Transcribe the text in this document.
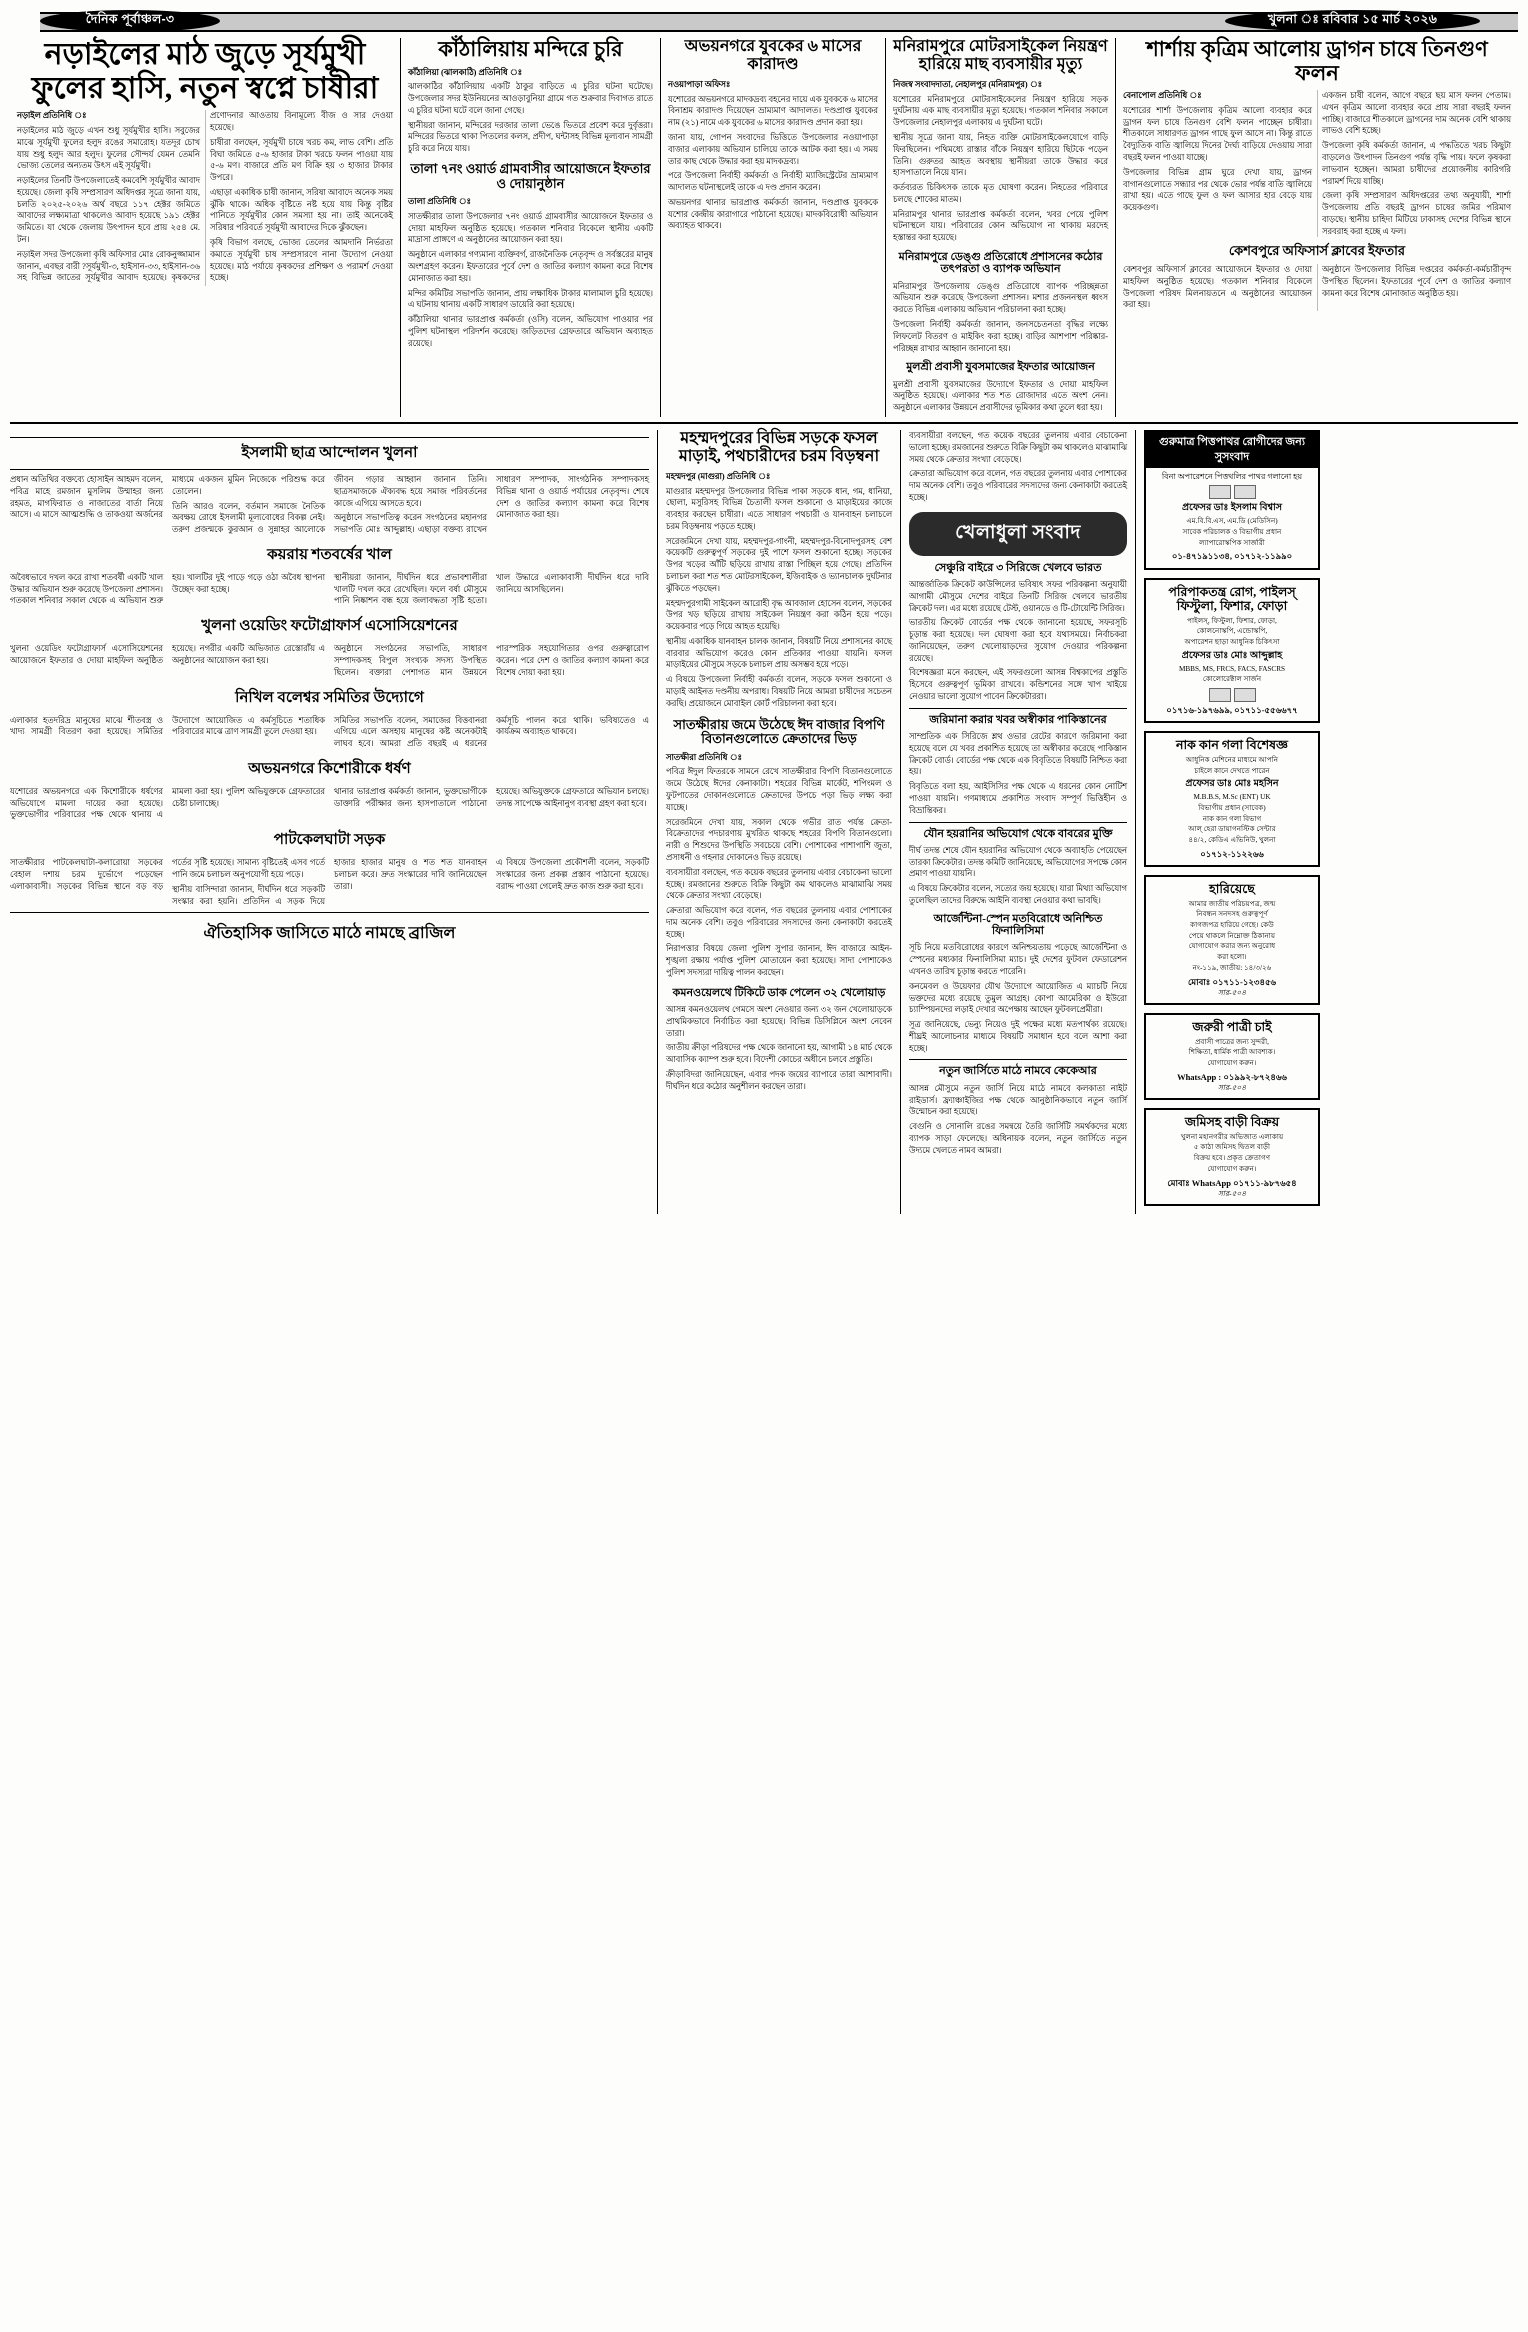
দৈনিক পূর্বাঞ্চল-৩	খুলনা ঃ রবিবার ১৫ মার্চ ২০২৬
নড়াইলের মাঠ জুড়ে সূর্যমুখী ফুলের হাসি, নতুন স্বপ্নে চাষীরা

নড়াইল প্রতিনিধি ঃ

নড়াইলের মাঠ জুড়ে এখন শুধু সূর্যমুখীর হাসি। সবুজের মাঝে সূর্যমুখী ফুলের হলুদ রঙের সমারোহ। যতদূর চোখ যায় শুধু হলুদ আর হলুদ। ফুলের সৌন্দর্য যেমন তেমনি ভোজ্য তেলের অন্যতম উৎস এই সূর্যমুখী।

নড়াইলের তিনটি উপজেলাতেই কমবেশি সূর্যমুখীর আবাদ হয়েছে। জেলা কৃষি সম্প্রসারণ অধিদপ্তর সূত্রে জানা যায়, চলতি ২০২৫-২০২৬ অর্থ বছরে ১১৭ হেক্টর জমিতে আবাদের লক্ষ্যমাত্রা থাকলেও আবাদ হয়েছে ১৯১ হেক্টর জমিতে। যা থেকে জেলায় উৎপাদন হবে প্রায় ২৫৪ মে. টন।

নড়াইল সদর উপজেলা কৃষি অফিসার মোঃ রোকনুজ্জামান জানান, এবছর বারী ?সূর্যমুখী-৩, হাইসান-৩৩, হাইসান-৩৬ সহ বিভিন্ন জাতের সূর্যমুখীর আবাদ হয়েছে। কৃষকদের প্রণোদনার আওতায় বিনামূল্যে বীজ ও সার দেওয়া হয়েছে।

চাষীরা বলছেন, সূর্যমুখী চাষে খরচ কম, লাভ বেশি। প্রতি বিঘা জমিতে ৫-৬ হাজার টাকা খরচে ফলন পাওয়া যায় ৫-৬ মণ। বাজারে প্রতি মণ বিক্রি হয় ৩ হাজার টাকার উপরে।

এছাড়া একাধিক চাষী জানান, সরিষা আবাদে অনেক সময় ঝুঁকি থাকে। অধিক বৃষ্টিতে নষ্ট হয়ে যায় কিন্তু বৃষ্টির পানিতে সূর্যমুখীর কোন সমস্যা হয় না। তাই অনেকেই সরিষার পরিবর্তে সূর্যমুখী আবাদের দিকে ঝুঁকছেন।

কৃষি বিভাগ বলছে, ভোজ্য তেলের আমদানি নির্ভরতা কমাতে সূর্যমুখী চাষ সম্প্রসারণে নানা উদ্যোগ নেওয়া হয়েছে। মাঠ পর্যায়ে কৃষকদের প্রশিক্ষণ ও পরামর্শ দেওয়া হচ্ছে।

কাঁঠালিয়ায় মন্দিরে চুরি

কাঁঠালিয়া (ঝালকাঠি) প্রতিনিধি ঃ

ঝালকাঠির কাঁঠালিয়ায় একটি ঠাকুর বাড়িতে এ চুরির ঘটনা ঘটেছে। উপজেলার সদর ইউনিয়নের আওড়াবুনিয়া গ্রামে গত শুক্রবার দিবাগত রাতে এ চুরির ঘটনা ঘটে বলে জানা গেছে।

স্থানীয়রা জানান, মন্দিরের দরজার তালা ভেঙে ভিতরে প্রবেশ করে দুর্বৃত্তরা। মন্দিরের ভিতরে থাকা পিতলের কলস, প্রদীপ, ঘন্টাসহ বিভিন্ন মূল্যবান সামগ্রী চুরি করে নিয়ে যায়।

তালা ৭নং ওয়ার্ড গ্রামবাসীর আয়োজনে ইফতার ও দোয়ানুষ্ঠান

তালা প্রতিনিধি ঃ

সাতক্ষীরার তালা উপজেলার ৭নং ওয়ার্ড গ্রামবাসীর আয়োজনে ইফতার ও দোয়া মাহফিল অনুষ্ঠিত হয়েছে। গতকাল শনিবার বিকেলে স্থানীয় একটি মাদ্রাসা প্রাঙ্গণে এ অনুষ্ঠানের আয়োজন করা হয়।

অনুষ্ঠানে এলাকার গণ্যমান্য ব্যক্তিবর্গ, রাজনৈতিক নেতৃবৃন্দ ও সর্বস্তরের মানুষ অংশগ্রহণ করেন। ইফতারের পূর্বে দেশ ও জাতির কল্যাণ কামনা করে বিশেষ মোনাজাত করা হয়।

মন্দির কমিটির সভাপতি জানান, প্রায় লক্ষাধিক টাকার মালামাল চুরি হয়েছে। এ ঘটনায় থানায় একটি সাধারণ ডায়েরি করা হয়েছে।

কাঁঠালিয়া থানার ভারপ্রাপ্ত কর্মকর্তা (ওসি) বলেন, অভিযোগ পাওয়ার পর পুলিশ ঘটনাস্থল পরিদর্শন করেছে। জড়িতদের গ্রেফতারে অভিযান অব্যাহত রয়েছে।

অভয়নগরে যুবকের ৬ মাসের কারাদণ্ড

নওয়াপাড়া অফিসঃ

যশোরের অভয়নগরে মাদকদ্রব্য বহনের দায়ে এক যুবককে ৬ মাসের বিনাশ্রম কারাদণ্ড দিয়েছেন ভ্রাম্যমাণ আদালত। দণ্ডপ্রাপ্ত যুবকের নাম (২১) নামে এক যুবকের ৬ মাসের কারাদণ্ড প্রদান করা হয়।

জানা যায়, গোপন সংবাদের ভিত্তিতে উপজেলার নওয়াপাড়া বাজার এলাকায় অভিযান চালিয়ে তাকে আটক করা হয়। এ সময় তার কাছ থেকে উদ্ধার করা হয় মাদকদ্রব্য।

পরে উপজেলা নির্বাহী কর্মকর্তা ও নির্বাহী ম্যাজিস্ট্রেটের ভ্রাম্যমাণ আদালত ঘটনাস্থলেই তাকে এ দণ্ড প্রদান করেন।

অভয়নগর থানার ভারপ্রাপ্ত কর্মকর্তা জানান, দণ্ডপ্রাপ্ত যুবককে যশোর কেন্দ্রীয় কারাগারে পাঠানো হয়েছে। মাদকবিরোধী অভিযান অব্যাহত থাকবে।

মনিরামপুরে মোটরসাইকেল নিয়ন্ত্রণ হারিয়ে মাছ ব্যবসায়ীর মৃত্যু

নিজস্ব সংবাদদাতা, নেহালপুর (মনিরামপুর) ঃ

যশোরের মনিরামপুরে মোটরসাইকেলের নিয়ন্ত্রণ হারিয়ে সড়ক দুর্ঘটনায় এক মাছ ব্যবসায়ীর মৃত্যু হয়েছে। গতকাল শনিবার সকালে উপজেলার নেহালপুর এলাকায় এ দুর্ঘটনা ঘটে।

স্থানীয় সূত্রে জানা যায়, নিহত ব্যক্তি মোটরসাইকেলযোগে বাড়ি ফিরছিলেন। পথিমধ্যে রাস্তার বাঁকে নিয়ন্ত্রণ হারিয়ে ছিটকে পড়েন তিনি। গুরুতর আহত অবস্থায় স্থানীয়রা তাকে উদ্ধার করে হাসপাতালে নিয়ে যান।

কর্তব্যরত চিকিৎসক তাকে মৃত ঘোষণা করেন। নিহতের পরিবারে চলছে শোকের মাতম।

মনিরামপুর থানার ভারপ্রাপ্ত কর্মকর্তা বলেন, খবর পেয়ে পুলিশ ঘটনাস্থলে যায়। পরিবারের কোন অভিযোগ না থাকায় মরদেহ হস্তান্তর করা হয়েছে।

মনিরামপুরে ডেঙ্গু প্রতিরোধে প্রশাসনের কঠোর তৎপরতা ও ব্যাপক অভিযান

মনিরামপুর উপজেলায় ডেঙ্গু প্রতিরোধে ব্যাপক পরিচ্ছন্নতা অভিযান শুরু করেছে উপজেলা প্রশাসন। মশার প্রজননস্থল ধ্বংস করতে বিভিন্ন এলাকায় অভিযান পরিচালনা করা হচ্ছে।

উপজেলা নির্বাহী কর্মকর্তা জানান, জনসচেতনতা বৃদ্ধির লক্ষ্যে লিফলেট বিতরণ ও মাইকিং করা হচ্ছে। বাড়ির আশপাশ পরিষ্কার-পরিচ্ছন্ন রাখার আহ্বান জানানো হয়।

মুলশ্রী প্রবাসী যুবসমাজের ইফতার আয়োজন

মুলশ্রী প্রবাসী যুবসমাজের উদ্যোগে ইফতার ও দোয়া মাহফিল অনুষ্ঠিত হয়েছে। এলাকার শত শত রোজাদার এতে অংশ নেন। অনুষ্ঠানে এলাকার উন্নয়নে প্রবাসীদের ভূমিকার কথা তুলে ধরা হয়।

শার্শায় কৃত্রিম আলোয় ড্রাগন চাষে তিনগুণ ফলন

বেনাপোল প্রতিনিধি ঃ

যশোরের শার্শা উপজেলায় কৃত্রিম আলো ব্যবহার করে ড্রাগন ফল চাষে তিনগুণ বেশি ফলন পাচ্ছেন চাষীরা। শীতকালে সাধারণত ড্রাগন গাছে ফুল আসে না। কিন্তু রাতে বৈদ্যুতিক বাতি জ্বালিয়ে দিনের দৈর্ঘ্য বাড়িয়ে দেওয়ায় সারা বছরই ফলন পাওয়া যাচ্ছে।

উপজেলার বিভিন্ন গ্রাম ঘুরে দেখা যায়, ড্রাগন বাগানগুলোতে সন্ধ্যার পর থেকে ভোর পর্যন্ত বাতি জ্বালিয়ে রাখা হয়। এতে গাছে ফুল ও ফল আসার হার বেড়ে যায় কয়েকগুণ।

একজন চাষী বলেন, আগে বছরে ছয় মাস ফলন পেতাম। এখন কৃত্রিম আলো ব্যবহার করে প্রায় সারা বছরই ফলন পাচ্ছি। বাজারে শীতকালে ড্রাগনের দাম অনেক বেশি থাকায় লাভও বেশি হচ্ছে।

উপজেলা কৃষি কর্মকর্তা জানান, এ পদ্ধতিতে খরচ কিছুটা বাড়লেও উৎপাদন তিনগুণ পর্যন্ত বৃদ্ধি পায়। ফলে কৃষকরা লাভবান হচ্ছেন। আমরা চাষীদের প্রয়োজনীয় কারিগরি পরামর্শ দিয়ে যাচ্ছি।

জেলা কৃষি সম্প্রসারণ অধিদপ্তরের তথ্য অনুযায়ী, শার্শা উপজেলায় প্রতি বছরই ড্রাগন চাষের জমির পরিমাণ বাড়ছে। স্থানীয় চাহিদা মিটিয়ে ঢাকাসহ দেশের বিভিন্ন স্থানে সরবরাহ করা হচ্ছে এ ফল।

কেশবপুরে অফিসার্স ক্লাবের ইফতার

কেশবপুর অফিসার্স ক্লাবের আয়োজনে ইফতার ও দোয়া মাহফিল অনুষ্ঠিত হয়েছে। গতকাল শনিবার বিকেলে উপজেলা পরিষদ মিলনায়তনে এ অনুষ্ঠানের আয়োজন করা হয়।

অনুষ্ঠানে উপজেলার বিভিন্ন দপ্তরের কর্মকর্তা-কর্মচারীবৃন্দ উপস্থিত ছিলেন। ইফতারের পূর্বে দেশ ও জাতির কল্যাণ কামনা করে বিশেষ মোনাজাত অনুষ্ঠিত হয়।

ইসলামী ছাত্র আন্দোলন খুলনা

প্রধান অতিথির বক্তব্যে হোসাইন আহমদ বলেন, পবিত্র মাহে রমজান মুসলিম উম্মাহর জন্য রহমত, মাগফিরাত ও নাজাতের বার্তা নিয়ে আসে। এ মাসে আত্মশুদ্ধি ও তাকওয়া অর্জনের মাধ্যমে একজন মুমিন নিজেকে পরিশুদ্ধ করে তোলেন।

তিনি আরও বলেন, বর্তমান সমাজে নৈতিক অবক্ষয় রোধে ইসলামী মূল্যবোধের বিকল্প নেই। তরুণ প্রজন্মকে কুরআন ও সুন্নাহর আলোকে জীবন গড়ার আহ্বান জানান তিনি। ছাত্রসমাজকে ঐক্যবদ্ধ হয়ে সমাজ পরিবর্তনের কাজে এগিয়ে আসতে হবে।

অনুষ্ঠানে সভাপতিত্ব করেন সংগঠনের মহানগর সভাপতি মোঃ আব্দুল্লাহ। এছাড়া বক্তব্য রাখেন সাধারণ সম্পাদক, সাংগঠনিক সম্পাদকসহ বিভিন্ন থানা ও ওয়ার্ড পর্যায়ের নেতৃবৃন্দ। শেষে দেশ ও জাতির কল্যাণ কামনা করে বিশেষ মোনাজাত করা হয়।

কয়রায় শতবর্ষের খাল

অবৈধভাবে দখল করে রাখা শতবর্ষী একটি খাল উদ্ধার অভিযান শুরু করেছে উপজেলা প্রশাসন। গতকাল শনিবার সকাল থেকে এ অভিযান শুরু হয়। খালটির দুই পাড়ে গড়ে ওঠা অবৈধ স্থাপনা উচ্ছেদ করা হচ্ছে।

স্থানীয়রা জানান, দীর্ঘদিন ধরে প্রভাবশালীরা খালটি দখল করে রেখেছিল। ফলে বর্ষা মৌসুমে পানি নিষ্কাশন বন্ধ হয়ে জলাবদ্ধতা সৃষ্টি হতো। খাল উদ্ধারে এলাকাবাসী দীর্ঘদিন ধরে দাবি জানিয়ে আসছিলেন।

খুলনা ওয়েডিং ফটোগ্রাফার্স এসোসিয়েশনের

খুলনা ওয়েডিং ফটোগ্রাফার্স এসোসিয়েশনের আয়োজনে ইফতার ও দোয়া মাহফিল অনুষ্ঠিত হয়েছে। নগরীর একটি অভিজাত রেস্তোরাঁয় এ অনুষ্ঠানের আয়োজন করা হয়।

অনুষ্ঠানে সংগঠনের সভাপতি, সাধারণ সম্পাদকসহ বিপুল সংখ্যক সদস্য উপস্থিত ছিলেন। বক্তারা পেশাগত মান উন্নয়নে পারস্পরিক সহযোগিতার ওপর গুরুত্বারোপ করেন। পরে দেশ ও জাতির কল্যাণ কামনা করে বিশেষ দোয়া করা হয়।

নিখিল বলেশ্বর সমিতির উদ্যোগে

এলাকার হতদরিদ্র মানুষের মাঝে শীতবস্ত্র ও খাদ্য সামগ্রী বিতরণ করা হয়েছে। সমিতির উদ্যোগে আয়োজিত এ কর্মসূচিতে শতাধিক পরিবারের মাঝে ত্রাণ সামগ্রী তুলে দেওয়া হয়।

সমিতির সভাপতি বলেন, সমাজের বিত্তবানরা এগিয়ে এলে অসহায় মানুষের কষ্ট অনেকটাই লাঘব হবে। আমরা প্রতি বছরই এ ধরনের কর্মসূচি পালন করে থাকি। ভবিষ্যতেও এ কার্যক্রম অব্যাহত থাকবে।

অভয়নগরে কিশোরীকে ধর্ষণ

যশোরের অভয়নগরে এক কিশোরীকে ধর্ষণের অভিযোগে মামলা দায়ের করা হয়েছে। ভুক্তভোগীর পরিবারের পক্ষ থেকে থানায় এ মামলা করা হয়। পুলিশ অভিযুক্তকে গ্রেফতারের চেষ্টা চালাচ্ছে।

থানার ভারপ্রাপ্ত কর্মকর্তা জানান, ভুক্তভোগীকে ডাক্তারি পরীক্ষার জন্য হাসপাতালে পাঠানো হয়েছে। অভিযুক্তকে গ্রেফতারে অভিযান চলছে। তদন্ত সাপেক্ষে আইনানুগ ব্যবস্থা গ্রহণ করা হবে।

পাটকেলঘাটা সড়ক

সাতক্ষীরার পাটকেলঘাটা-কলারোয়া সড়কের বেহাল দশায় চরম দুর্ভোগে পড়েছেন এলাকাবাসী। সড়কের বিভিন্ন স্থানে বড় বড় গর্তের সৃষ্টি হয়েছে। সামান্য বৃষ্টিতেই এসব গর্তে পানি জমে চলাচল অনুপযোগী হয়ে পড়ে।

স্থানীয় বাসিন্দারা জানান, দীর্ঘদিন ধরে সড়কটি সংস্কার করা হয়নি। প্রতিদিন এ সড়ক দিয়ে হাজার হাজার মানুষ ও শত শত যানবাহন চলাচল করে। দ্রুত সংস্কারের দাবি জানিয়েছেন তারা।

এ বিষয়ে উপজেলা প্রকৌশলী বলেন, সড়কটি সংস্কারের জন্য প্রকল্প প্রস্তাব পাঠানো হয়েছে। বরাদ্দ পাওয়া গেলেই দ্রুত কাজ শুরু করা হবে।

ঐতিহাসিক জাসিতে মাঠে নামছে ব্রাজিল
মহম্মদপুরের বিভিন্ন সড়কে ফসল মাড়াই, পথচারীদের চরম বিড়ম্বনা

মহম্মদপুর (মাগুরা) প্রতিনিধি ঃ

মাগুরার মহম্মদপুর উপজেলার বিভিন্ন পাকা সড়কে ধান, গম, ধানিয়া, ছোলা, মসুরিসহ বিভিন্ন চৈতালী ফসল শুকানো ও মাড়াইয়ের কাজে ব্যবহার করছেন চাষীরা। এতে সাধারণ পথচারী ও যানবাহন চলাচলে চরম বিড়ম্বনায় পড়তে হচ্ছে।

সরেজমিনে দেখা যায়, মহম্মদপুর-গাংনী, মহম্মদপুর-বিনোদপুরসহ বেশ কয়েকটি গুরুত্বপূর্ণ সড়কের দুই পাশে ফসল শুকানো হচ্ছে। সড়কের উপর খড়ের আঁটি ছড়িয়ে রাখায় রাস্তা পিচ্ছিল হয়ে গেছে। প্রতিদিন চলাচল করা শত শত মোটরসাইকেল, ইজিবাইক ও ভ্যানচালক দুর্ঘটনার ঝুঁকিতে পড়ছেন।

মহম্মদপুরগামী সাইকেল আরোহী বৃদ্ধ আবজাল হোসেন বলেন, সড়কের উপর খড় ছড়িয়ে রাখায় সাইকেল নিয়ন্ত্রণ করা কঠিন হয়ে পড়ে। কয়েকবার পড়ে গিয়ে আহত হয়েছি।

স্থানীয় একাধিক যানবাহন চালক জানান, বিষয়টি নিয়ে প্রশাসনের কাছে বারবার অভিযোগ করেও কোন প্রতিকার পাওয়া যায়নি। ফসল মাড়াইয়ের মৌসুমে সড়কে চলাচল প্রায় অসম্ভব হয়ে পড়ে।

এ বিষয়ে উপজেলা নির্বাহী কর্মকর্তা বলেন, সড়কে ফসল শুকানো ও মাড়াই আইনত দণ্ডনীয় অপরাধ। বিষয়টি নিয়ে আমরা চাষীদের সচেতন করছি। প্রয়োজনে মোবাইল কোর্ট পরিচালনা করা হবে।

সাতক্ষীরায় জমে উঠেছে ঈদ বাজার বিপণি বিতানগুলোতে ক্রেতাদের ভিড়

সাতক্ষীরা প্রতিনিধি ঃ

পবিত্র ঈদুল ফিতরকে সামনে রেখে সাতক্ষীরার বিপণি বিতানগুলোতে জমে উঠেছে ঈদের কেনাকাটা। শহরের বিভিন্ন মার্কেট, শপিংমল ও ফুটপাতের দোকানগুলোতে ক্রেতাদের উপচে পড়া ভিড় লক্ষ্য করা যাচ্ছে।

সরেজমিনে দেখা যায়, সকাল থেকে গভীর রাত পর্যন্ত ক্রেতা-বিক্রেতাদের পদচারণায় মুখরিত থাকছে শহরের বিপণি বিতানগুলো। নারী ও শিশুদের উপস্থিতি সবচেয়ে বেশি। পোশাকের পাশাপাশি জুতা, প্রসাধনী ও গহনার দোকানেও ভিড় রয়েছে।

ব্যবসায়ীরা বলছেন, গত কয়েক বছরের তুলনায় এবার বেচাকেনা ভালো হচ্ছে। রমজানের শুরুতে বিক্রি কিছুটা কম থাকলেও মাঝামাঝি সময় থেকে ক্রেতার সংখ্যা বেড়েছে।

ক্রেতারা অভিযোগ করে বলেন, গত বছরের তুলনায় এবার পোশাকের দাম অনেক বেশি। তবুও পরিবারের সদস্যদের জন্য কেনাকাটা করতেই হচ্ছে।

নিরাপত্তার বিষয়ে জেলা পুলিশ সুপার জানান, ঈদ বাজারে আইন-শৃঙ্খলা রক্ষায় পর্যাপ্ত পুলিশ মোতায়েন করা হয়েছে। সাদা পোশাকেও পুলিশ সদস্যরা দায়িত্ব পালন করছেন।

কমনওয়েলথে টিকিটে ডাক পেলেন ৩২ খেলোয়াড়

আসন্ন কমনওয়েলথ গেমসে অংশ নেওয়ার জন্য ৩২ জন খেলোয়াড়কে প্রাথমিকভাবে নির্বাচিত করা হয়েছে। বিভিন্ন ডিসিপ্লিনে অংশ নেবেন তারা।

জাতীয় ক্রীড়া পরিষদের পক্ষ থেকে জানানো হয়, আগামী ১৪ মার্চ থেকে আবাসিক ক্যাম্প শুরু হবে। বিদেশী কোচের অধীনে চলবে প্রস্তুতি।

ক্রীড়াবিদরা জানিয়েছেন, এবার পদক জয়ের ব্যাপারে তারা আশাবাদী। দীর্ঘদিন ধরে কঠোর অনুশীলন করছেন তারা।

ব্যবসায়ীরা বলছেন, গত কয়েক বছরের তুলনায় এবার বেচাকেনা ভালো হচ্ছে। রমজানের শুরুতে বিক্রি কিছুটা কম থাকলেও মাঝামাঝি সময় থেকে ক্রেতার সংখ্যা বেড়েছে।

ক্রেতারা অভিযোগ করে বলেন, গত বছরের তুলনায় এবার পোশাকের দাম অনেক বেশি। তবুও পরিবারের সদস্যদের জন্য কেনাকাটা করতেই হচ্ছে।

খেলাধুলা সংবাদ
সেঞ্চুরি বাইরে ৩ সিরিজে খেলবে ভারত

আন্তর্জাতিক ক্রিকেট কাউন্সিলের ভবিষ্যৎ সফর পরিকল্পনা অনুযায়ী আগামী মৌসুমে দেশের বাইরে তিনটি সিরিজ খেলবে ভারতীয় ক্রিকেট দল। এর মধ্যে রয়েছে টেস্ট, ওয়ানডে ও টি-টোয়েন্টি সিরিজ।

ভারতীয় ক্রিকেট বোর্ডের পক্ষ থেকে জানানো হয়েছে, সফরসূচি চূড়ান্ত করা হয়েছে। দল ঘোষণা করা হবে যথাসময়ে। নির্বাচকরা জানিয়েছেন, তরুণ খেলোয়াড়দের সুযোগ দেওয়ার পরিকল্পনা রয়েছে।

বিশেষজ্ঞরা মনে করছেন, এই সফরগুলো আসন্ন বিশ্বকাপের প্রস্তুতি হিসেবে গুরুত্বপূর্ণ ভূমিকা রাখবে। কন্ডিশনের সঙ্গে খাপ খাইয়ে নেওয়ার ভালো সুযোগ পাবেন ক্রিকেটাররা।

জরিমানা করার খবর অস্বীকার পাকিস্তানের

সাম্প্রতিক এক সিরিজে শ্লথ ওভার রেটের কারণে জরিমানা করা হয়েছে বলে যে খবর প্রকাশিত হয়েছে তা অস্বীকার করেছে পাকিস্তান ক্রিকেট বোর্ড। বোর্ডের পক্ষ থেকে এক বিবৃতিতে বিষয়টি নিশ্চিত করা হয়।

বিবৃতিতে বলা হয়, আইসিসির পক্ষ থেকে এ ধরনের কোন নোটিশ পাওয়া যায়নি। গণমাধ্যমে প্রকাশিত সংবাদ সম্পূর্ণ ভিত্তিহীন ও বিভ্রান্তিকর।

যৌন হয়রানির অভিযোগ থেকে বাবরের মুক্তি

দীর্ঘ তদন্ত শেষে যৌন হয়রানির অভিযোগ থেকে অব্যাহতি পেয়েছেন তারকা ক্রিকেটার। তদন্ত কমিটি জানিয়েছে, অভিযোগের সপক্ষে কোন প্রমাণ পাওয়া যায়নি।

এ বিষয়ে ক্রিকেটার বলেন, সত্যের জয় হয়েছে। যারা মিথ্যা অভিযোগ তুলেছিল তাদের বিরুদ্ধে আইনি ব্যবস্থা নেওয়ার কথা ভাবছি।

আর্জেন্টিনা-স্পেন মতবিরোধে অনিশ্চিত ফিনালিসিমা

সূচি নিয়ে মতবিরোধের কারণে অনিশ্চয়তায় পড়েছে আর্জেন্টিনা ও স্পেনের মধ্যকার ফিনালিসিমা ম্যাচ। দুই দেশের ফুটবল ফেডারেশন এখনও তারিখ চূড়ান্ত করতে পারেনি।

কনমেবল ও উয়েফার যৌথ উদ্যোগে আয়োজিত এ ম্যাচটি নিয়ে ভক্তদের মধ্যে রয়েছে তুমুল আগ্রহ। কোপা আমেরিকা ও ইউরো চ্যাম্পিয়নদের লড়াই দেখার অপেক্ষায় আছেন ফুটবলপ্রেমীরা।

সূত্র জানিয়েছে, ভেন্যু নিয়েও দুই পক্ষের মধ্যে মতপার্থক্য রয়েছে। শীঘ্রই আলোচনার মাধ্যমে বিষয়টি সমাধান হবে বলে আশা করা হচ্ছে।

নতুন জার্সিতে মাঠে নামবে কেকেআর

আসন্ন মৌসুমে নতুন জার্সি নিয়ে মাঠে নামবে কলকাতা নাইট রাইডার্স। ফ্র্যাঞ্চাইজির পক্ষ থেকে আনুষ্ঠানিকভাবে নতুন জার্সি উন্মোচন করা হয়েছে।

বেগুনি ও সোনালি রঙের সমন্বয়ে তৈরি জার্সিটি সমর্থকদের মধ্যে ব্যাপক সাড়া ফেলেছে। অধিনায়ক বলেন, নতুন জার্সিতে নতুন উদ্যমে খেলতে নামব আমরা।

গুরুমাত্র পিত্তপাথর রোগীদের জন্য সুসংবাদ
বিনা অপারেশনে পিত্তথলির পাথর গলানো হয়
প্রফেসর ডাঃ ইসলাম বিশ্বাস
এম.বি.বি.এস, এম.ডি (মেডিসিন)
সাবেক পরিচালক ও বিভাগীয় প্রধান
ল্যাপারোস্কপিক সার্জারী
০১-৪৭১৯১১৩৪, ০১৭১২-১১৯৯০
পরিপাকতন্ত্র রোগ, পাইলস্ ফিস্টুলা, ফিশার, ফোড়া
পাইলস্, ফিস্টুলা, ফিশার, ফোড়া,
কোলনোস্কপি, এন্ডোস্কপি,
অপারেশন ছাড়া আধুনিক চিকিৎসা
প্রফেসর ডাঃ মোঃ আব্দুল্লাহ
MBBS, MS, FRCS, FACS, FASCRS
কোলোরেক্টাল সার্জন
০১৭১৬-১৯৭৬৯৯, ০১৭১১-৫৫৬৬৭৭
নাক কান গলা বিশেষজ্ঞ
আধুনিক মেশিনের মাধ্যমে আপনি
চাইলে কানে দেখতে পারেন
প্রফেসর ডাঃ মোঃ মহসিন
M.B.B.S, M.Sc (ENT) UK
বিভাগীয় প্রধান (সাবেক)
নাক কান গলা বিভাগ
আল্ হেরা ডায়াগনস্টিক সেন্টার
৪৪/২, কেডিএ এভিনিউ, খুলনা
০১৭১২-১১২২৬৬
হারিয়েছে
আমার জাতীয় পরিচয়পত্র, জন্ম
নিবন্ধন সনদসহ গুরুত্বপূর্ণ
কাগজপত্র হারিয়ে গেছে। কেউ
পেয়ে থাকলে নিম্নোক্ত ঠিকানায়
যোগাযোগ করার জন্য অনুরোধ
করা হলো।
নং-১১৯, জাতীয়: ১৪/৩/২৬
মোবাঃ ০১৭১১-১২৩৪৫৬
সার-৫০৪
জরুরী পাত্রী চাই
প্রবাসী পাত্রের জন্য সুন্দরী,
শিক্ষিতা, ধার্মিক পাত্রী আবশ্যক।
যোগাযোগ করুন।
WhatsApp : ০১৯৯২-৮৭২৪৬৬
সার-৫০৪
জমিসহ বাড়ী বিক্রয়
খুলনা মহানগরীর অভিজাত এলাকায়
৫ কাঠা জমিসহ দ্বিতল বাড়ী
বিক্রয় হবে। প্রকৃত ক্রেতাগণ
যোগাযোগ করুন।
মোবাঃ WhatsApp ০১৭১১-৯৮৭৬৫৪
সার-৫০৪
